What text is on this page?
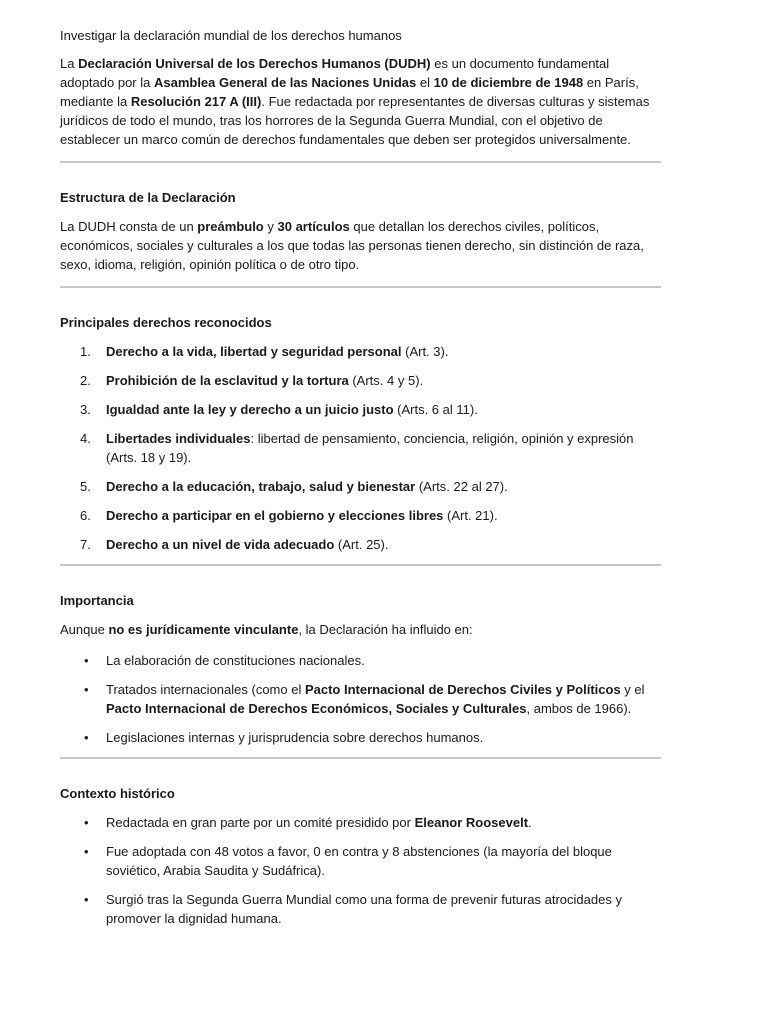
Investigar la declaración mundial de los derechos humanos

La Declaración Universal de los Derechos Humanos (DUDH) es un documento fundamental adoptado por la Asamblea General de las Naciones Unidas el 10 de diciembre de 1948 en París, mediante la Resolución 217 A (III). Fue redactada por representantes de diversas culturas y sistemas jurídicos de todo el mundo, tras los horrores de la Segunda Guerra Mundial, con el objetivo de establecer un marco común de derechos fundamentales que deben ser protegidos universalmente.

Estructura de la Declaración

La DUDH consta de un preámbulo y 30 artículos que detallan los derechos civiles, políticos, económicos, sociales y culturales a los que todas las personas tienen derecho, sin distinción de raza, sexo, idioma, religión, opinión política o de otro tipo.

Principales derechos reconocidos

1. Derecho a la vida, libertad y seguridad personal (Art. 3).
2. Prohibición de la esclavitud y la tortura (Arts. 4 y 5).
3. Igualdad ante la ley y derecho a un juicio justo (Arts. 6 al 11).
4. Libertades individuales: libertad de pensamiento, conciencia, religión, opinión y expresión (Arts. 18 y 19).
5. Derecho a la educación, trabajo, salud y bienestar (Arts. 22 al 27).
6. Derecho a participar en el gobierno y elecciones libres (Art. 21).
7. Derecho a un nivel de vida adecuado (Art. 25).

Importancia

Aunque no es jurídicamente vinculante, la Declaración ha influido en:

• La elaboración de constituciones nacionales.
• Tratados internacionales (como el Pacto Internacional de Derechos Civiles y Políticos y el Pacto Internacional de Derechos Económicos, Sociales y Culturales, ambos de 1966).
• Legislaciones internas y jurisprudencia sobre derechos humanos.

Contexto histórico

• Redactada en gran parte por un comité presidido por Eleanor Roosevelt.
• Fue adoptada con 48 votos a favor, 0 en contra y 8 abstenciones (la mayoría del bloque soviético, Arabia Saudita y Sudáfrica).
• Surgió tras la Segunda Guerra Mundial como una forma de prevenir futuras atrocidades y promover la dignidad humana.
